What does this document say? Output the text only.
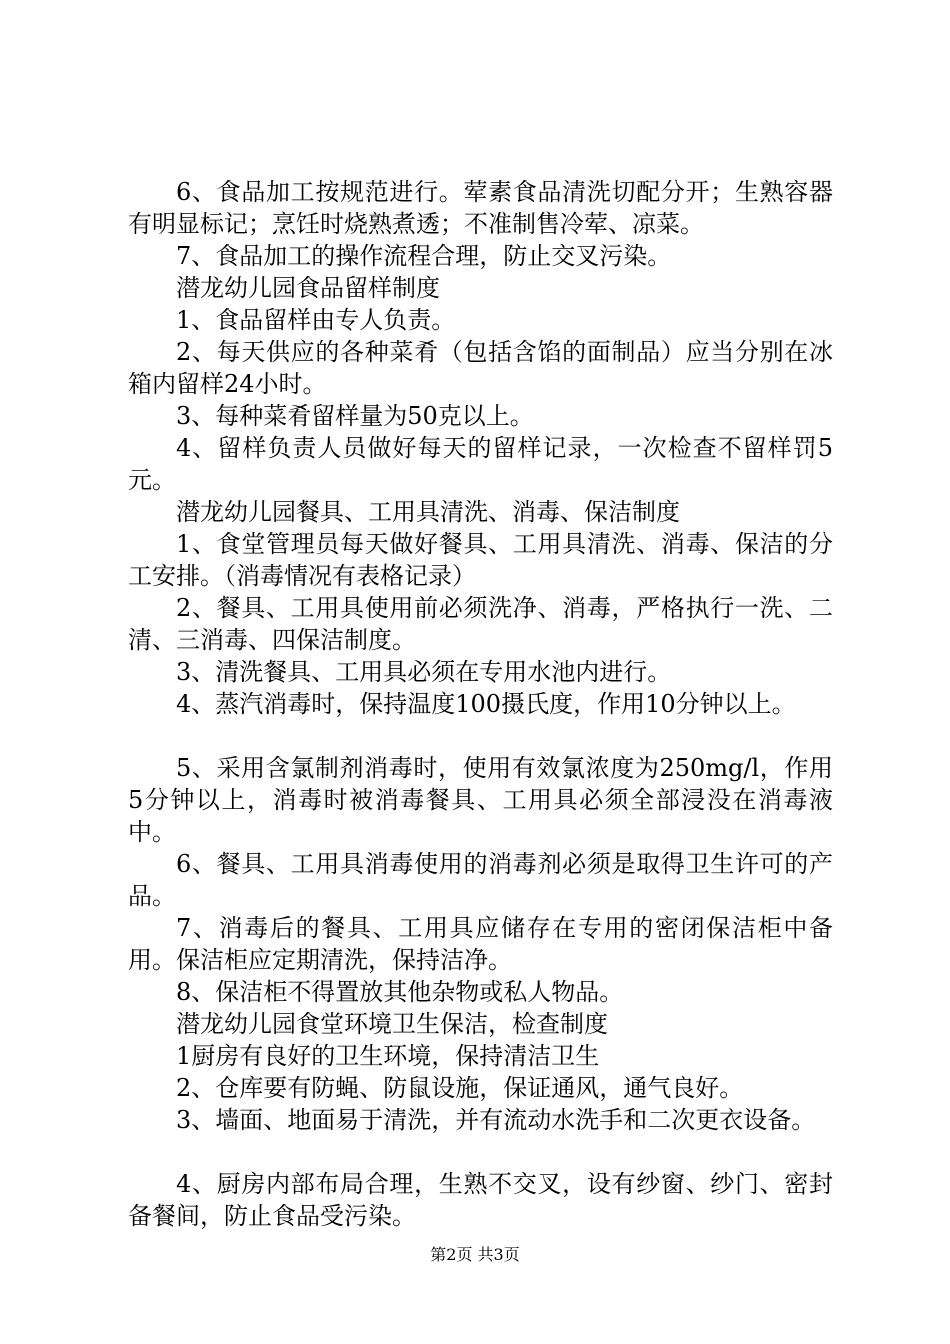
6、食品加工按规范进行。荤素食品清洗切配分开；生熟容器有明显标记；烹饪时烧熟煮透；不准制售冷荤、凉菜。

7、食品加工的操作流程合理，防止交叉污染。

潜龙幼儿园食品留样制度

1、食品留样由专人负责。

2、每天供应的各种菜肴（包括含馅的面制品）应当分别在冰箱内留样24小时。

3、每种菜肴留样量为50克以上。

4、留样负责人员做好每天的留样记录，一次检查不留样罚5元。

潜龙幼儿园餐具、工用具清洗、消毒、保洁制度

1、食堂管理员每天做好餐具、工用具清洗、消毒、保洁的分工安排。（消毒情况有表格记录）

2、餐具、工用具使用前必须洗净、消毒，严格执行一洗、二清、三消毒、四保洁制度。

3、清洗餐具、工用具必须在专用水池内进行。

4、蒸汽消毒时，保持温度100摄氏度，作用10分钟以上。

5、采用含氯制剂消毒时，使用有效氯浓度为250mg/l，作用5分钟以上，消毒时被消毒餐具、工用具必须全部浸没在消毒液中。

6、餐具、工用具消毒使用的消毒剂必须是取得卫生许可的产品。

7、消毒后的餐具、工用具应储存在专用的密闭保洁柜中备用。保洁柜应定期清洗，保持洁净。

8、保洁柜不得置放其他杂物或私人物品。

潜龙幼儿园食堂环境卫生保洁，检查制度

1厨房有良好的卫生环境，保持清洁卫生

2、仓库要有防蝇、防鼠设施，保证通风，通气良好。

3、墙面、地面易于清洗，并有流动水洗手和二次更衣设备。

4、厨房内部布局合理，生熟不交叉，设有纱窗、纱门、密封备餐间，防止食品受污染。

第2页 共3页
